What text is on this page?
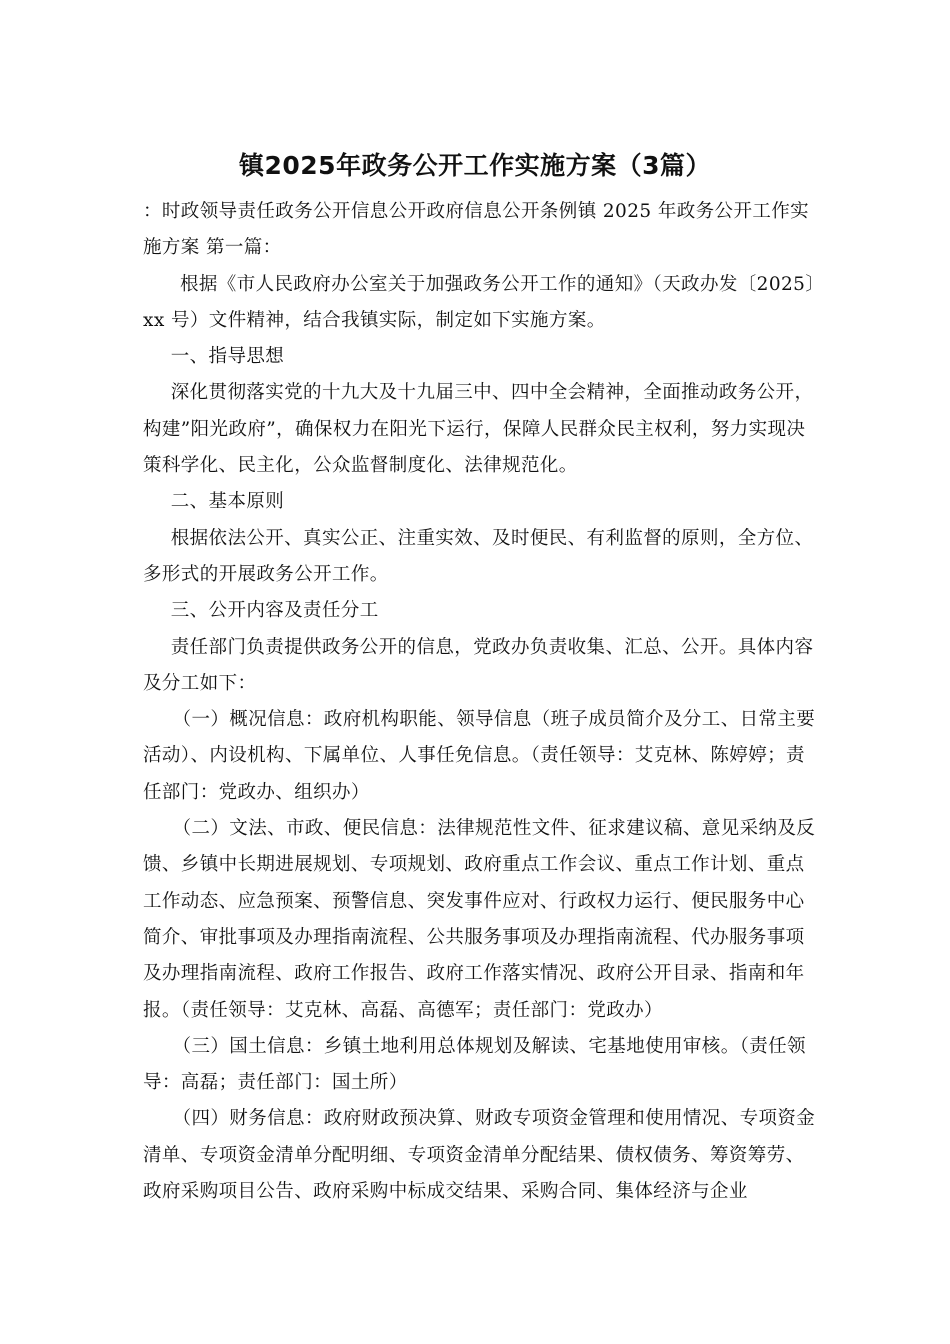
镇2025年政务公开工作实施方案（3篇）

：时政领导责任政务公开信息公开政府信息公开条例镇 2025 年政务公开工作实施方案 第一篇：

根据《市人民政府办公室关于加强政务公开工作的通知》（天政办发〔2025〕xx 号）文件精神，结合我镇实际，制定如下实施方案。

一、指导思想

深化贯彻落实党的十九大及十九届三中、四中全会精神，全面推动政务公开，构建”阳光政府”，确保权力在阳光下运行，保障人民群众民主权利，努力实现决策科学化、民主化，公众监督制度化、法律规范化。

二、基本原则

根据依法公开、真实公正、注重实效、及时便民、有利监督的原则，全方位、多形式的开展政务公开工作。

三、公开内容及责任分工

责任部门负责提供政务公开的信息，党政办负责收集、汇总、公开。具体内容及分工如下：

（一）概况信息：政府机构职能、领导信息（班子成员简介及分工、日常主要活动）、内设机构、下属单位、人事任免信息。（责任领导：艾克林、陈婷婷；责任部门：党政办、组织办）

（二）文法、市政、便民信息：法律规范性文件、征求建议稿、意见采纳及反馈、乡镇中长期进展规划、专项规划、政府重点工作会议、重点工作计划、重点工作动态、应急预案、预警信息、突发事件应对、行政权力运行、便民服务中心简介、审批事项及办理指南流程、公共服务事项及办理指南流程、代办服务事项及办理指南流程、政府工作报告、政府工作落实情况、政府公开目录、指南和年报。（责任领导：艾克林、高磊、高德军；责任部门：党政办）

（三）国土信息：乡镇土地利用总体规划及解读、宅基地使用审核。（责任领导：高磊；责任部门：国土所）

（四）财务信息：政府财政预决算、财政专项资金管理和使用情况、专项资金清单、专项资金清单分配明细、专项资金清单分配结果、债权债务、筹资筹劳、政府采购项目公告、政府采购中标成交结果、采购合同、集体经济与企业
